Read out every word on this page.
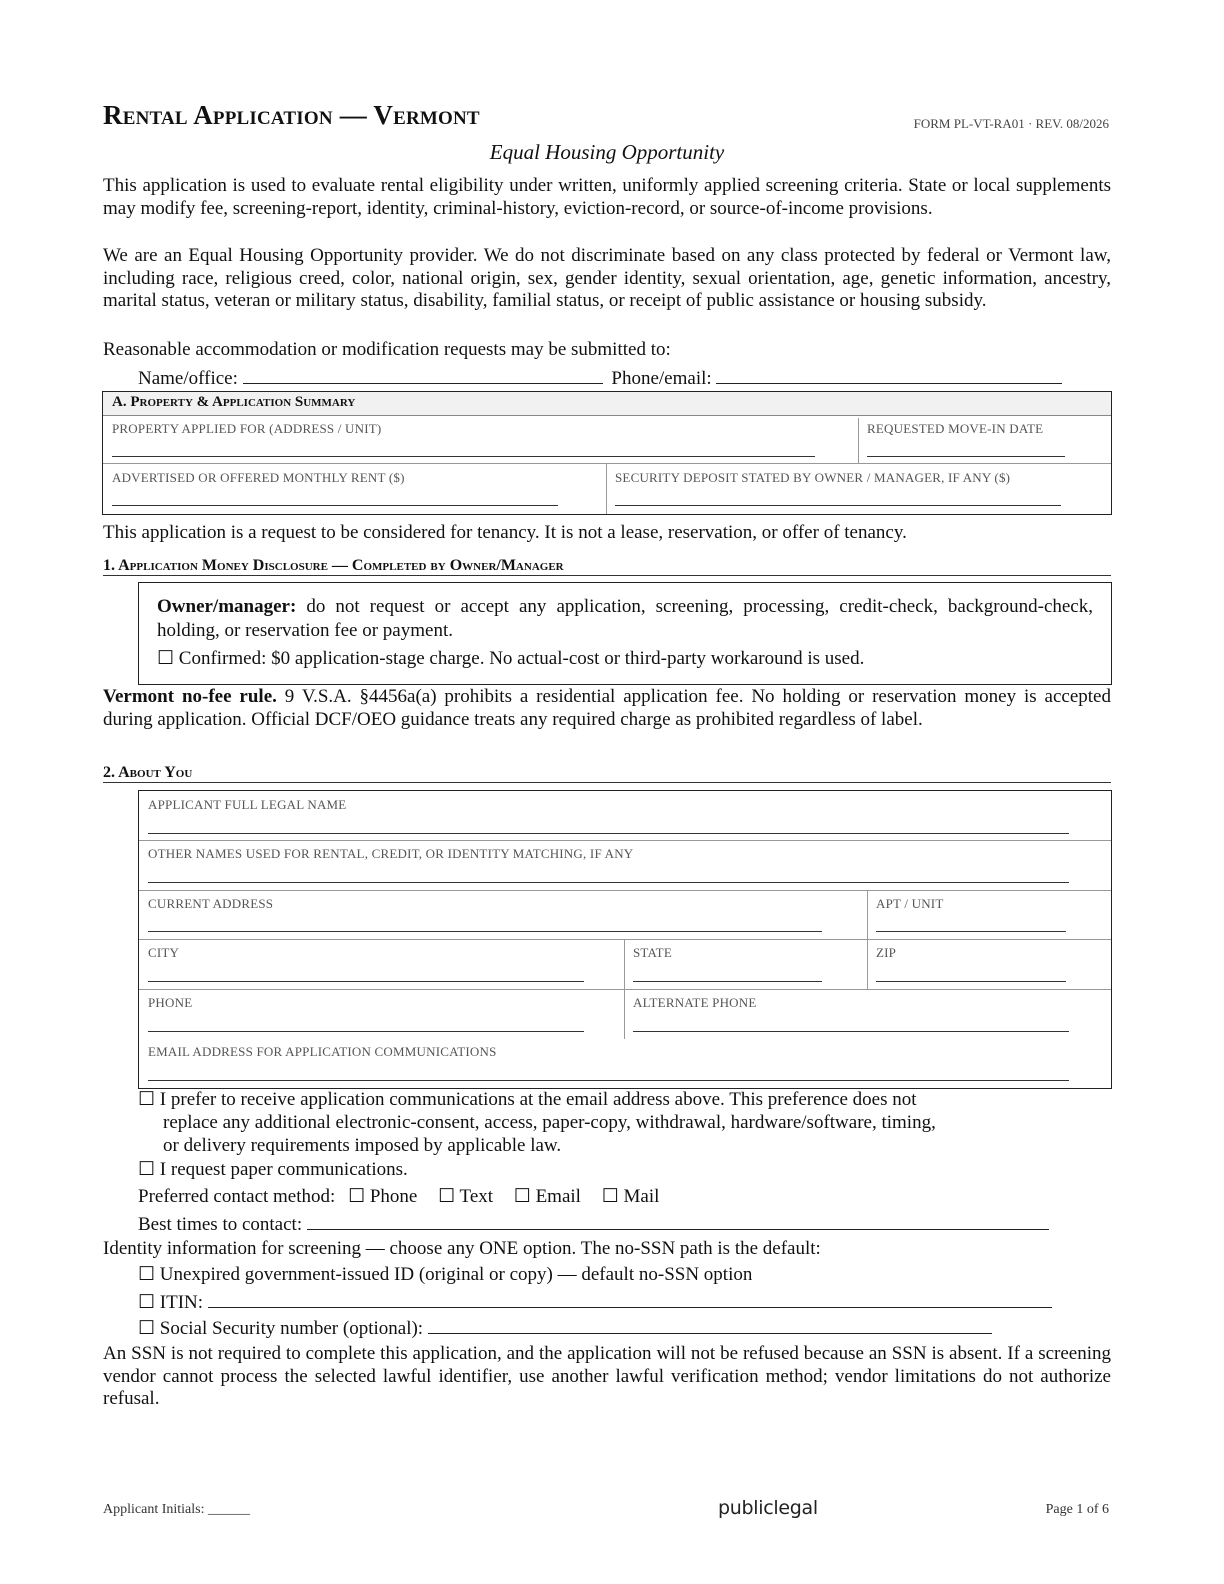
Rental Application — Vermont	FORM PL-VT-RA01 · REV. 08/2026
Equal Housing Opportunity
This application is used to evaluate rental eligibility under written, uniformly applied screening criteria. State or local supplements may modify fee, screening-report, identity, criminal-history, eviction-record, or source-of-income provisions.
We are an Equal Housing Opportunity provider. We do not discriminate based on any class protected by federal or Vermont law, including race, religious creed, color, national origin, sex, gender identity, sexual orientation, age, genetic information, ancestry, marital status, veteran or military status, disability, familial status, or receipt of public assistance or housing subsidy.
Reasonable accommodation or modification requests may be submitted to:
Name/office:	Phone/email:
A. Property & Application Summary
PROPERTY APPLIED FOR (ADDRESS / UNIT)	REQUESTED MOVE-IN DATE
ADVERTISED OR OFFERED MONTHLY RENT ($)	SECURITY DEPOSIT STATED BY OWNER / MANAGER, IF ANY ($)
This application is a request to be considered for tenancy. It is not a lease, reservation, or offer of tenancy.
1. Application Money Disclosure — Completed by Owner/Manager
Owner/manager: do not request or accept any application, screening, processing, credit-check, background-check, holding, or reservation fee or payment.
☐ Confirmed: $0 application-stage charge. No actual-cost or third-party workaround is used.
Vermont no-fee rule. 9 V.S.A. §4456a(a) prohibits a residential application fee. No holding or reservation money is accepted during application. Official DCF/OEO guidance treats any required charge as prohibited regardless of label.
2. About You
APPLICANT FULL LEGAL NAME
OTHER NAMES USED FOR RENTAL, CREDIT, OR IDENTITY MATCHING, IF ANY
CURRENT ADDRESS	APT / UNIT
CITY	STATE	ZIP
PHONE	ALTERNATE PHONE
EMAIL ADDRESS FOR APPLICATION COMMUNICATIONS
☐ I prefer to receive application communications at the email address above. This preference does not
replace any additional electronic-consent, access, paper-copy, withdrawal, hardware/software, timing,
or delivery requirements imposed by applicable law.
☐ I request paper communications.
Preferred contact method: ☐ Phone ☐ Text ☐ Email ☐ Mail
Best times to contact:
Identity information for screening — choose any ONE option. The no-SSN path is the default:
☐ Unexpired government-issued ID (original or copy) — default no-SSN option
☐ ITIN:
☐ Social Security number (optional):
An SSN is not required to complete this application, and the application will not be refused because an SSN is absent. If a screening vendor cannot process the selected lawful identifier, use another lawful verification method; vendor limitations do not authorize refusal.
Applicant Initials: ______	publiclegal	Page 1 of 6
